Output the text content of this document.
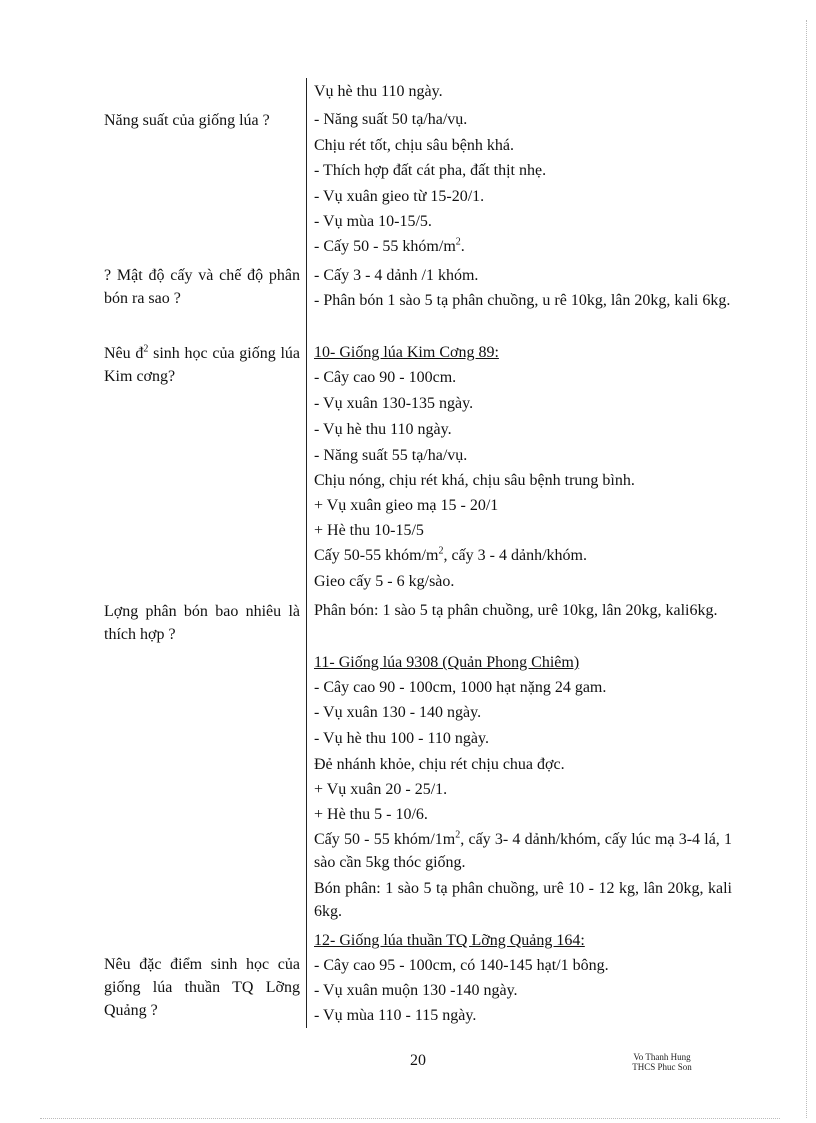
Năng suất của giống lúa ?
? Mật độ cấy và chế độ phân bón ra sao ?
Nêu $đ^2$ sinh học của giống lúa Kim cơng?
Lợng phân bón bao nhiêu là thích hợp ?
Nêu đặc điểm sinh học của giống lúa thuần TQ Lỡng Quảng ?
Vụ hè thu 110 ngày.
- Năng suất 50 tạ/ha/vụ.
Chịu rét tốt, chịu sâu bệnh khá.
- Thích hợp đất cát pha, đất thịt nhẹ.
- Vụ xuân gieo từ 15-20/1.
- Vụ mùa 10-15/5.
- Cấy 50 - 55 khóm/$m^2$.
- Cấy 3 - 4 dảnh /1 khóm.
- Phân bón 1 sào 5 tạ phân chuồng, u rê 10kg, lân 20kg, kali 6kg.
10- Giống lúa Kim Cơng 89:
- Cây cao 90 - 100cm.
- Vụ xuân 130-135 ngày.
- Vụ hè thu 110 ngày.
- Năng suất 55 tạ/ha/vụ.
Chịu nóng, chịu rét khá, chịu sâu bệnh trung bình.
+ Vụ xuân gieo mạ 15 - 20/1
+ Hè thu 10-15/5
Cấy 50-55 khóm/$m^2$, cấy 3 - 4 dảnh/khóm.
Gieo cấy 5 - 6 kg/sào.
Phân bón: 1 sào 5 tạ phân chuồng, urê 10kg, lân 20kg, kali6kg.
11- Giống lúa 9308 (Quản Phong Chiêm)
- Cây cao 90 - 100cm, 1000 hạt nặng 24 gam.
- Vụ xuân 130 - 140 ngày.
- Vụ hè thu 100 - 110 ngày.
Đẻ nhánh khỏe, chịu rét chịu chua đợc.
+ Vụ xuân 20 - 25/1.
+ Hè thu 5 - 10/6.
Cấy 50 - 55 khóm/$1m^2$, cấy 3- 4 dảnh/khóm, cấy lúc mạ 3-4 lá, 1 sào cần 5kg thóc giống.
Bón phân: 1 sào 5 tạ phân chuồng, urê 10 - 12 kg, lân 20kg, kali 6kg.
12- Giống lúa thuần TQ Lỡng Quảng 164:
- Cây cao 95 - 100cm, có 140-145 hạt/1 bông.
- Vụ xuân muộn 130 -140 ngày.
- Vụ mùa 110 - 115 ngày.
20	Vo Thanh Hung
THCS Phuc Son
